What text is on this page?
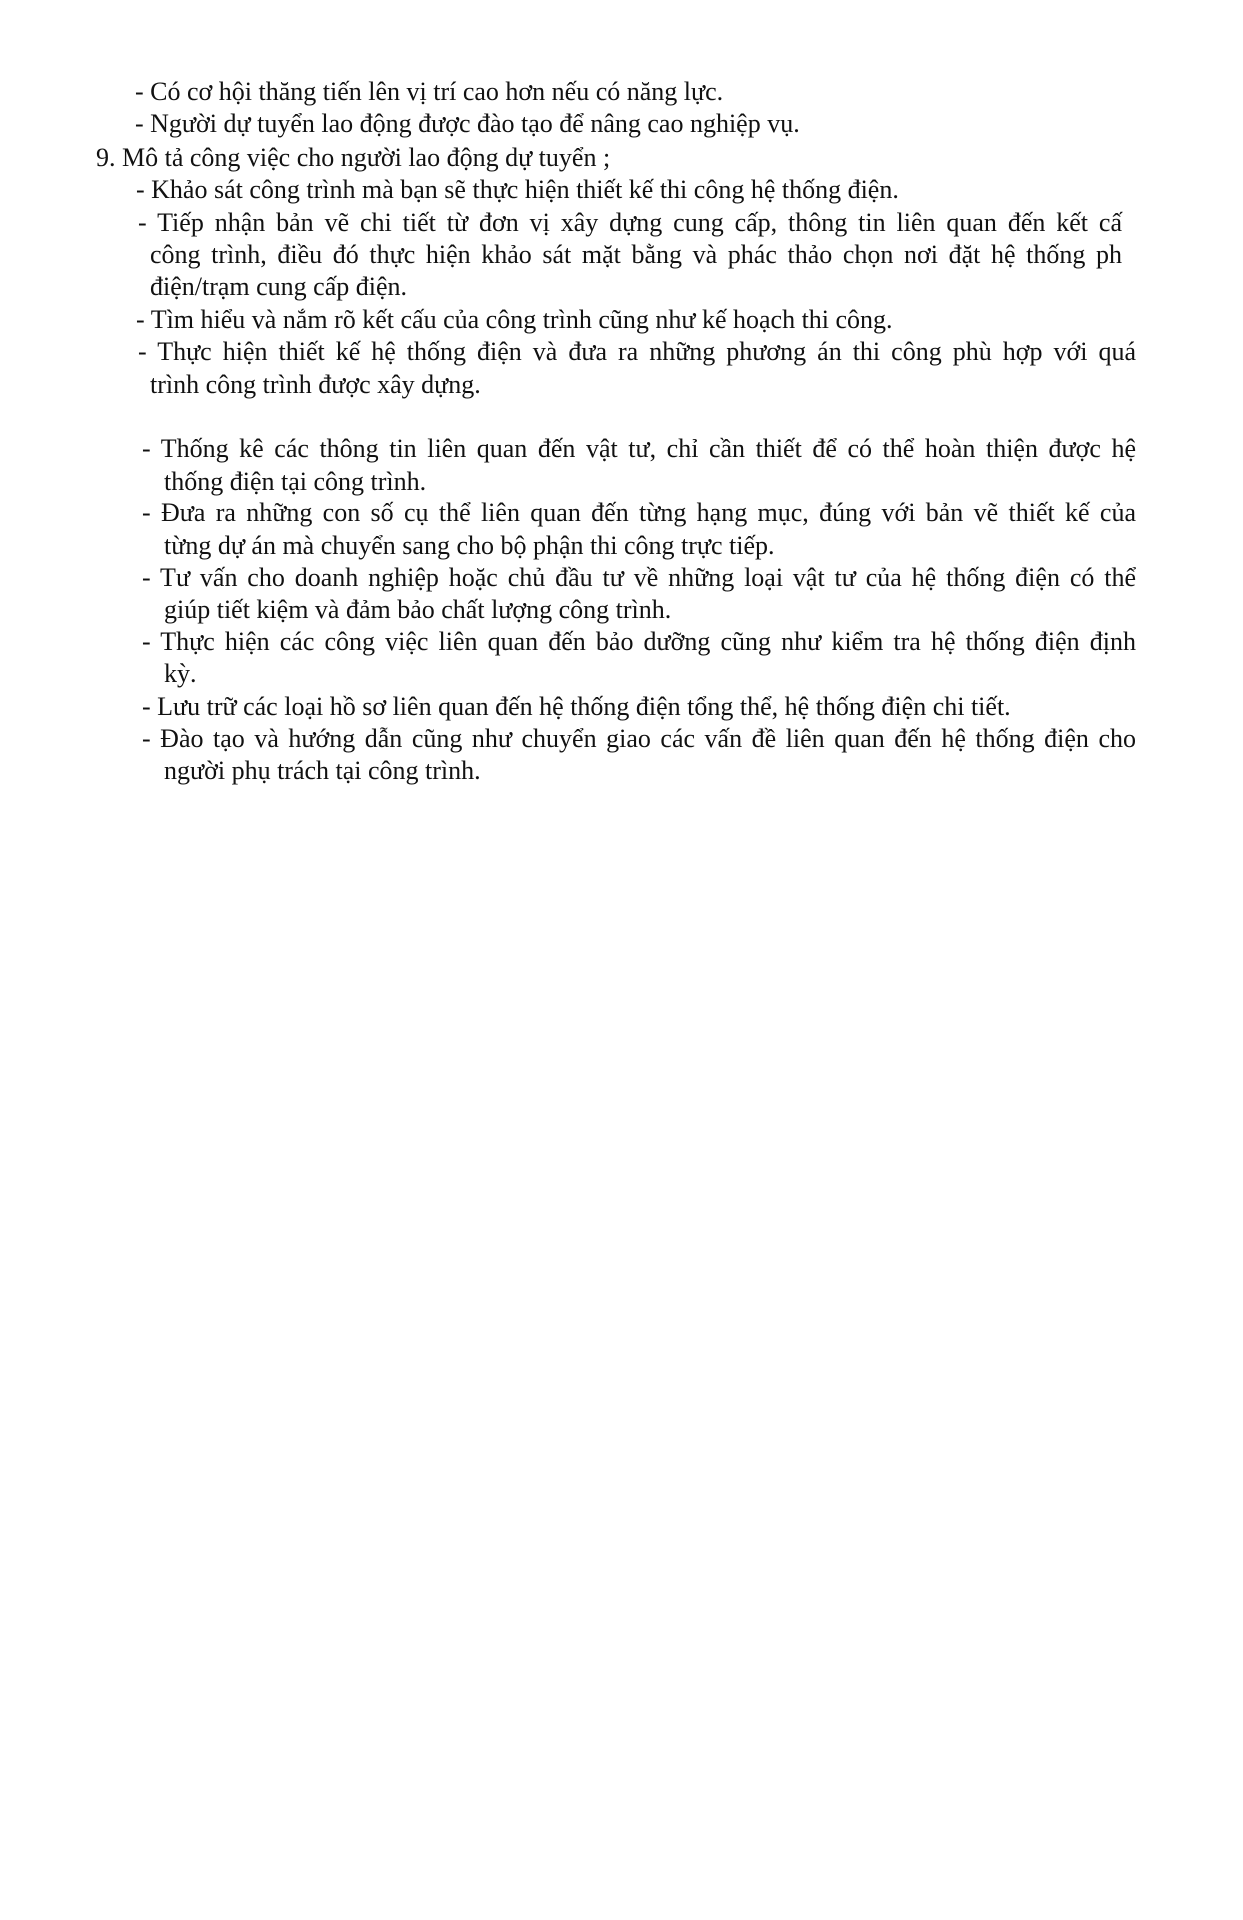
- Có cơ hội thăng tiến lên vị trí cao hơn nếu có năng lực.
- Người dự tuyển lao động được đào tạo để nâng cao nghiệp vụ.
9. Mô tả công việc cho người lao động dự tuyển ;
- Khảo sát công trình mà bạn sẽ thực hiện thiết kế thi công hệ thống điện.
- Tiếp nhận bản vẽ chi tiết từ đơn vị xây dựng cung cấp, thông tin liên quan đến kết cấ
công trình, điều đó thực hiện khảo sát mặt bằng và phác thảo chọn nơi đặt hệ thống ph
điện/trạm cung cấp điện.
- Tìm hiểu và nắm rõ kết cấu của công trình cũng như kế hoạch thi công.
- Thực hiện thiết kế hệ thống điện và đưa ra những phương án thi công phù hợp với quá
trình công trình được xây dựng.
- Thống kê các thông tin liên quan đến vật tư, chỉ cần thiết để có thể hoàn thiện được hệ
thống điện tại công trình.
- Đưa ra những con số cụ thể liên quan đến từng hạng mục, đúng với bản vẽ thiết kế của
từng dự án mà chuyển sang cho bộ phận thi công trực tiếp.
- Tư vấn cho doanh nghiệp hoặc chủ đầu tư về những loại vật tư của hệ thống điện có thể
giúp tiết kiệm và đảm bảo chất lượng công trình.
- Thực hiện các công việc liên quan đến bảo dưỡng cũng như kiểm tra hệ thống điện định
kỳ.
- Lưu trữ các loại hồ sơ liên quan đến hệ thống điện tổng thể, hệ thống điện chi tiết.
- Đào tạo và hướng dẫn cũng như chuyển giao các vấn đề liên quan đến hệ thống điện cho
người phụ trách tại công trình.
